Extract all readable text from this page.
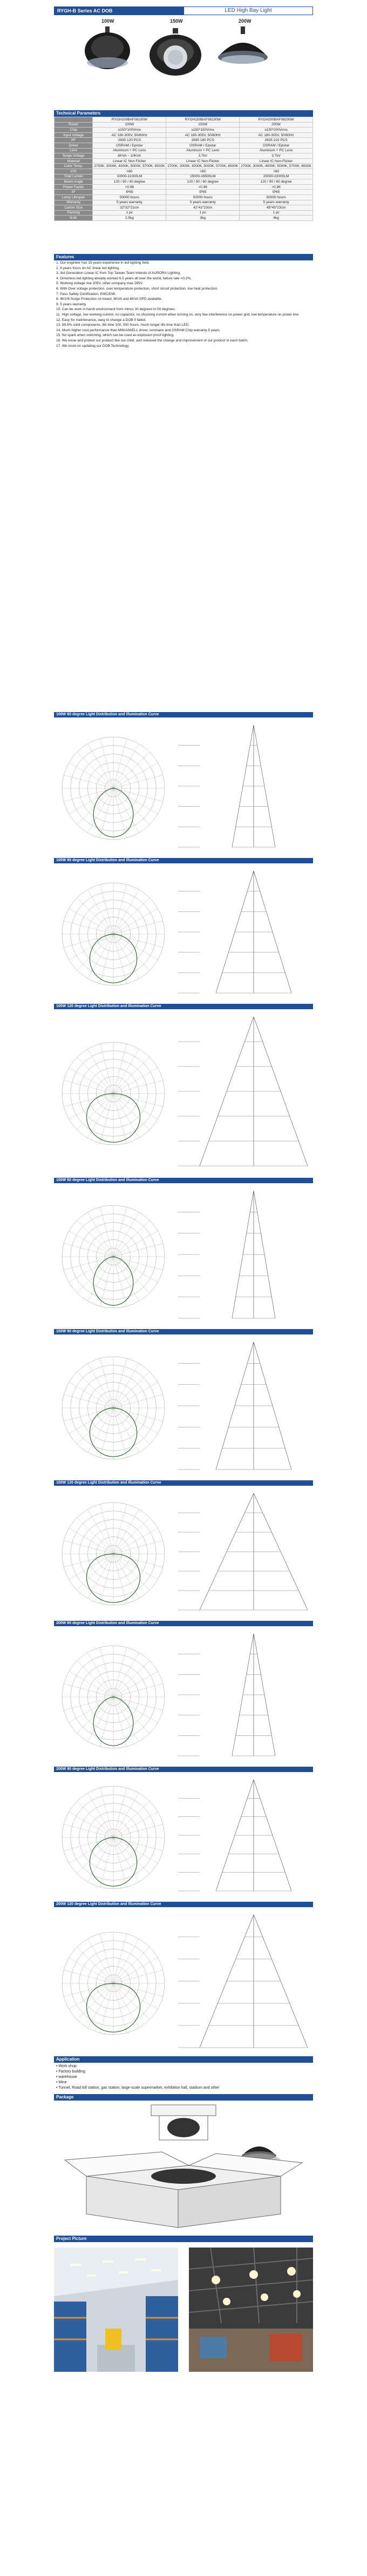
RYGH-B Series AC DOB	LED High Bay Light
100W	150W	200W
Technical Parameters
	RYGH100BAF08100W	RYGH150BAF08150W	RYGH200BAF08200W
Power	100W	150W	200W
Chip	≥150*100Vrms	≥150*150Vrms	≥150*200Vrms
Input Voltage	AC 180-305V, 50/60Hz	AC 180-305V, 50/60Hz	AC 180-305V, 50/60Hz
PF	2835 120 PCS	2835 180 PCS	2835 210 PCS
Driver	OSRAM / Epistar	OSRAM / Epistar	OSRAM / Epistar
Lens	Aluminum + PC Lens	Aluminum + PC Lens	Aluminum + PC Lens
Surge Voltage	6KVA ~ 10KVA	3.7kV	3.7kV
Material	Linear IC Non-Flicker	Linear IC Non-Flicker	Linear IC Non-Flicker
Color Temp.	2700K, 3000K, 4000K, 5000K, 5700K, 6500K	2700K, 3000K, 4000K, 5000K, 5700K, 6500K	2700K, 3000K, 4000K, 5000K, 5700K, 6500K
CRI	>80	>80	>80
Total Lumen	10000-11000LM	15000-16500LM	20000-22000LM
Beam Angle	120 / 90 / 60 degree	120 / 90 / 60 degree	120 / 90 / 60 degree
Power Factor	>0.98	>0.98	>0.98
IP	IP65	IP65	IP65
Lamp Lifespan	50000 hours	50000 hours	50000 hours
Warranty	5 years warranty	5 years warranty	5 years warranty
Carton Size	32*32*21cm	41*41*23cm	45*45*23cm
Packing	1 pc	1 pc	1 pc
N.W.	2.5kg	3kg	4kg
Features
1. Our engineer has 15 years experience in led lighting field.
2. 8 years focus on AC linear led lighting.
3. 3rd Generation Linear IC from Top Taiwan Team Intends of AURORA Lighting.
4. Driverless led lighting already worked 6.5 years all over the world, failure rate <0.2%.
5. Working voltage rise 305V, other company max 285V.
6. With Over voltage protection, over temperature protection, short circuit protection, low heat protection.
7. Pass Safety Certification, EMC/EMI.
8. 4KV/6 Surge Protection on board, 6KVA and 8KVA SPD available.
9. 5 years warranty.
10. Can be work in harsh environment from minus 30 degrees to 50 degrees.
11. High voltage, low working current, no capacitor, no shocking current when turning on, very few interference on power grid, low temperature on power line.
12. Easy for maintenance, easy to change a DOB if failed.
13. 99.9% solid components, life time 100, 000 hours, much longer life time than LED.
14. Much higher cost performance than MW/AIWELL driver, luminaire and OSRAM Chip warranty 5 years.
15. No spark when switching, which can be used as explosion proof lighting.
16. We know and protect our product like our child, and released the change and improvement of our product in each batch.
17. We insist on updating our DOB Technology.
100W 60 degree Light Distribution and Illumination Curve
100W 90 degree Light Distribution and Illumination Curve
100W 120 degree Light Distribution and Illumination Curve
150W 60 degree Light Distribution and Illumination Curve
150W 90 degree Light Distribution and Illumination Curve
150W 120 degree Light Distribution and Illumination Curve
200W 60 degree Light Distribution and Illumination Curve
200W 90 degree Light Distribution and Illumination Curve
200W 120 degree Light Distribution and Illumination Curve
Application
• Work shop
• Factory building
• warehouse
• Mine
• Tunnel, Road toll station, gas station, large-scale supermarket, exhibition hall, stadium and other
Package
Project Picture
